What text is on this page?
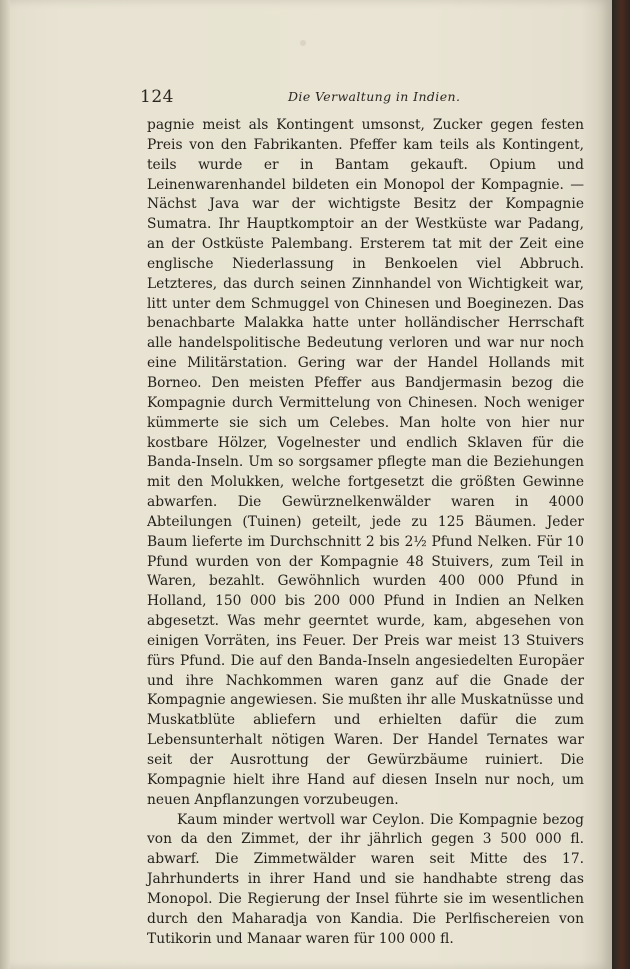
124	Die Verwaltung in Indien.

pagnie meist als Kontingent umsonst, Zucker gegen festen Preis von den Fabrikanten. Pfeffer kam teils als Kontingent, teils wurde er in Bantam gekauft. Opium und Leinenwarenhandel bildeten ein Monopol der Kompagnie. — Nächst Java war der wichtigste Besitz der Kompagnie Sumatra. Ihr Hauptkomptoir an der Westküste war Padang, an der Ostküste Palembang. Ersterem tat mit der Zeit eine englische Niederlassung in Benkoelen viel Abbruch. Letzteres, das durch seinen Zinnhandel von Wichtigkeit war, litt unter dem Schmuggel von Chinesen und Boeginezen. Das benachbarte Malakka hatte unter holländischer Herrschaft alle handelspolitische Bedeutung verloren und war nur noch eine Militärstation. Gering war der Handel Hollands mit Borneo. Den meisten Pfeffer aus Bandjermasin bezog die Kompagnie durch Vermittelung von Chinesen. Noch weniger kümmerte sie sich um Celebes. Man holte von hier nur kostbare Hölzer, Vogelnester und endlich Sklaven für die Banda-Inseln. Um so sorgsamer pflegte man die Beziehungen mit den Molukken, welche fortgesetzt die größten Gewinne abwarfen. Die Gewürznelkenwälder waren in 4000 Abteilungen (Tuinen) geteilt, jede zu 125 Bäumen. Jeder Baum lieferte im Durchschnitt 2 bis 2½ Pfund Nelken. Für 10 Pfund wurden von der Kompagnie 48 Stuivers, zum Teil in Waren, bezahlt. Gewöhnlich wurden 400 000 Pfund in Holland, 150 000 bis 200 000 Pfund in Indien an Nelken abgesetzt. Was mehr geerntet wurde, kam, abgesehen von einigen Vorräten, ins Feuer. Der Preis war meist 13 Stuivers fürs Pfund. Die auf den Banda-Inseln angesiedelten Europäer und ihre Nachkommen waren ganz auf die Gnade der Kompagnie angewiesen. Sie mußten ihr alle Muskatnüsse und Muskatblüte abliefern und erhielten dafür die zum Lebensunterhalt nötigen Waren. Der Handel Ternates war seit der Ausrottung der Gewürzbäume ruiniert. Die Kompagnie hielt ihre Hand auf diesen Inseln nur noch, um neuen Anpflanzungen vorzubeugen.

Kaum minder wertvoll war Ceylon. Die Kompagnie bezog von da den Zimmet, der ihr jährlich gegen 3 500 000 fl. abwarf. Die Zimmetwälder waren seit Mitte des 17. Jahrhunderts in ihrer Hand und sie handhabte streng das Monopol. Die Regierung der Insel führte sie im wesentlichen durch den Maharadja von Kandia. Die Perlfischereien von Tutikorin und Manaar waren für 100 000 fl.
